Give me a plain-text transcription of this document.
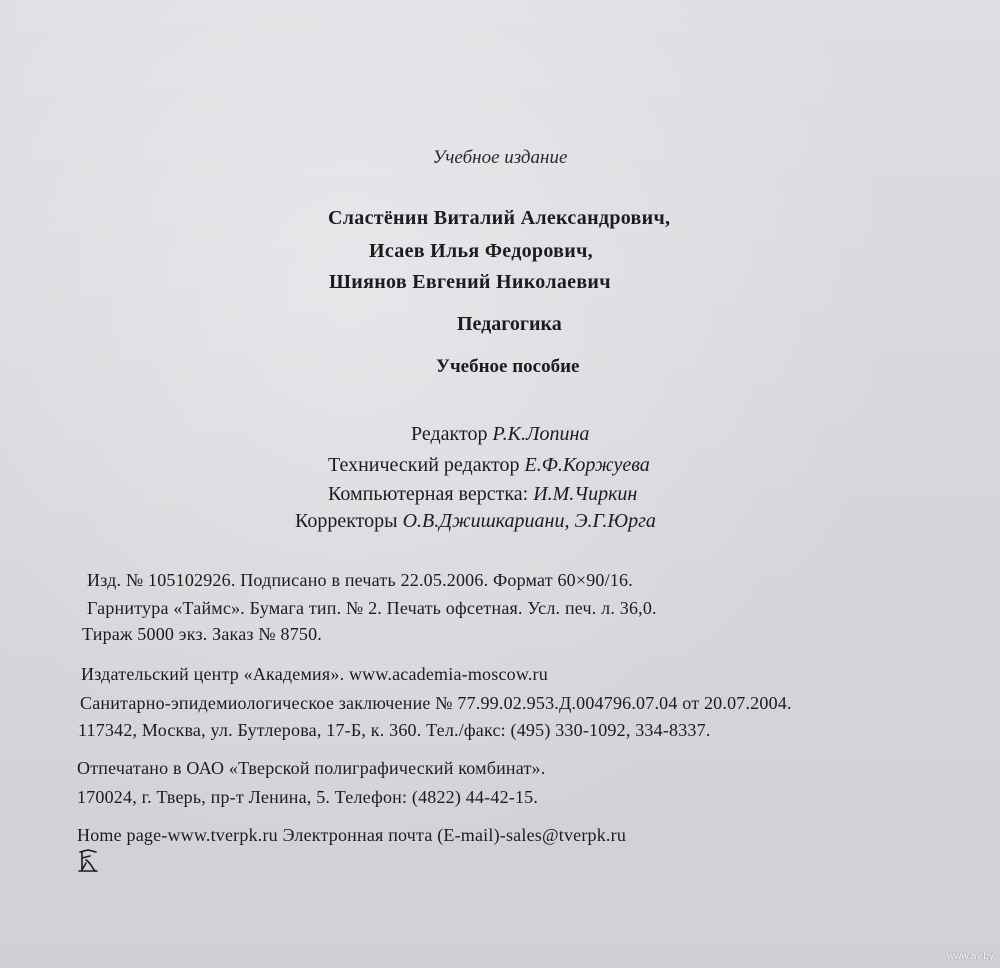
Учебное издание
Сластёнин Виталий Александрович,
Исаев Илья Федорович,
Шиянов Евгений Николаевич
Педагогика
Учебное пособие
Редактор Р.К.Лопина
Технический редактор Е.Ф.Коржуева
Компьютерная верстка: И.М.Чиркин
Корректоры О.В.Джишкариани, Э.Г.Юрга
Изд. № 105102926. Подписано в печать 22.05.2006. Формат 60×90/16.
Гарнитура «Таймс». Бумага тип. № 2. Печать офсетная. Усл. печ. л. 36,0.
Тираж 5000 экз. Заказ № 8750.
Издательский центр «Академия». www.academia-moscow.ru
Санитарно-эпидемиологическое заключение № 77.99.02.953.Д.004796.07.04 от 20.07.2004.
117342, Москва, ул. Бутлерова, 17-Б, к. 360. Тел./факс: (495) 330-1092, 334-8337.
Отпечатано в ОАО «Тверской полиграфический комбинат».
170024, г. Тверь, пр-т Ленина, 5. Телефон: (4822) 44-42-15.
Home page-www.tverpk.ru Электронная почта (E-mail)-sales@tverpk.ru
www.ay.by
